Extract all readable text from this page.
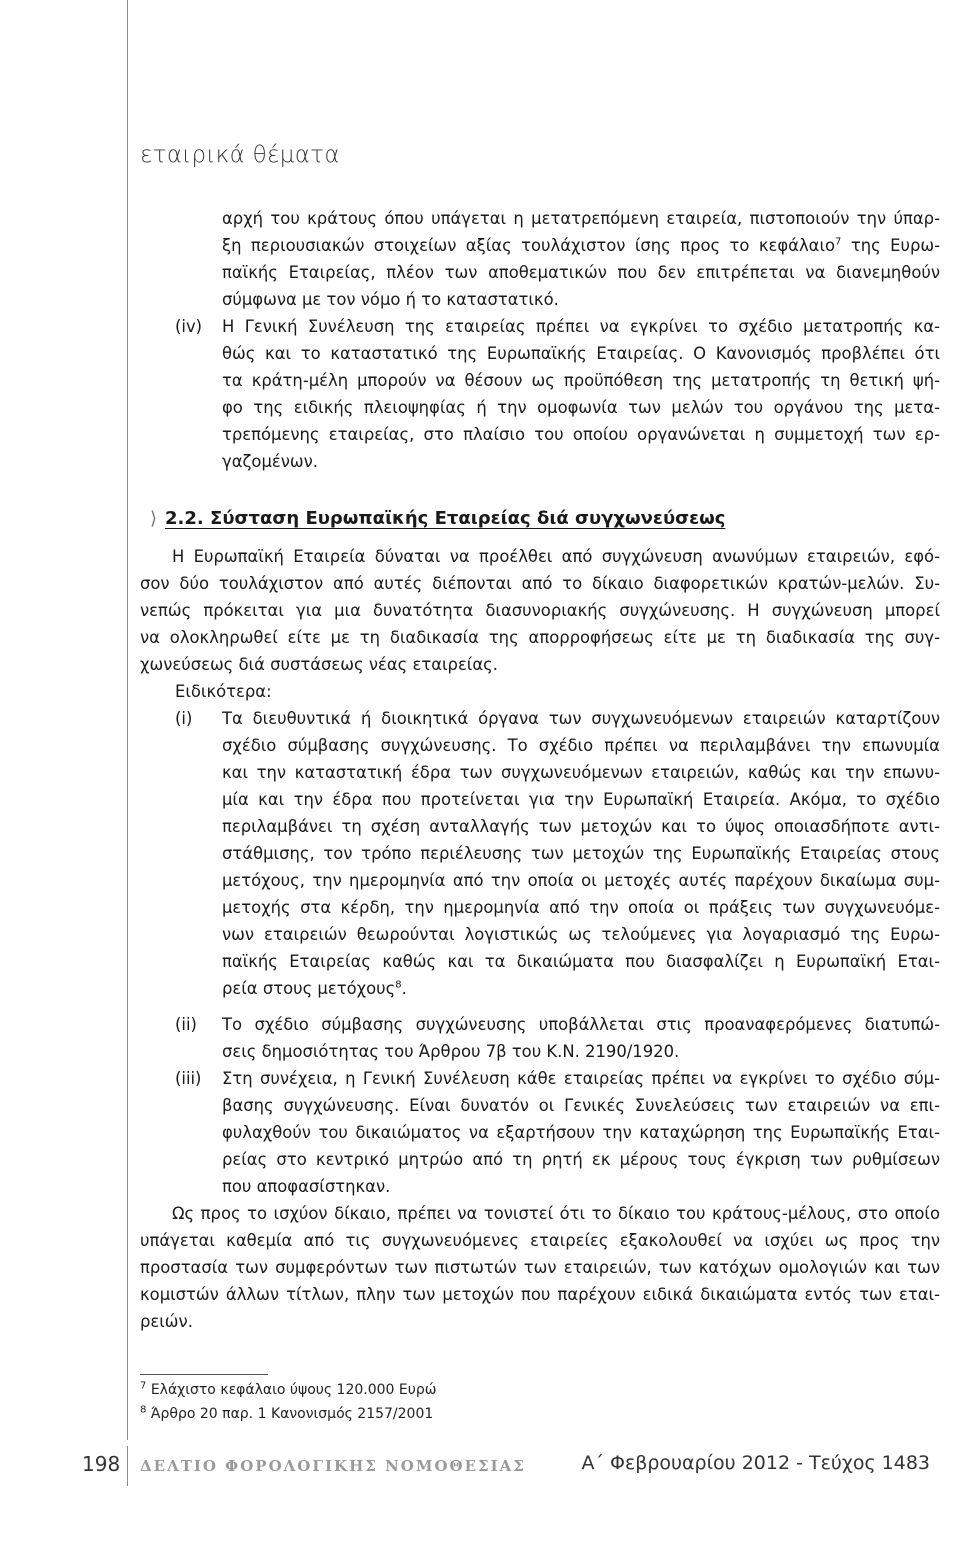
εταιρικά θέματα
αρχή του κράτους όπου υπάγεται η μετατρεπόμενη εταιρεία, πιστοποιούν την ύπαρ-
ξη περιουσιακών στοιχείων αξίας τουλάχιστον ίσης προς το κεφάλαιο$^7$ της Ευρω-
παϊκής Εταιρείας, πλέον των αποθεματικών που δεν επιτρέπεται να διανεμηθούν
σύμφωνα με τον νόμο ή το καταστατικό.
(iv) Η Γενική Συνέλευση της εταιρείας πρέπει να εγκρίνει το σχέδιο μετατροπής κα-
θώς και το καταστατικό της Ευρωπαϊκής Εταιρείας. Ο Κανονισμός προβλέπει ότι
τα κράτη-μέλη μπορούν να θέσουν ως προϋπόθεση της μετατροπής τη θετική ψή-
φο της ειδικής πλειοψηφίας ή την ομοφωνία των μελών του οργάνου της μετα-
τρεπόμενης εταιρείας, στο πλαίσιο του οποίου οργανώνεται η συμμετοχή των ερ-
γαζομένων.
⟩ 2.2. Σύσταση Ευρωπαϊκής Εταιρείας διά συγχωνεύσεως
Η Ευρωπαϊκή Εταιρεία δύναται να προέλθει από συγχώνευση ανωνύμων εταιρειών, εφό-
σον δύο τουλάχιστον από αυτές διέπονται από το δίκαιο διαφορετικών κρατών-μελών. Συ-
νεπώς πρόκειται για μια δυνατότητα διασυνοριακής συγχώνευσης. Η συγχώνευση μπορεί
να ολοκληρωθεί είτε με τη διαδικασία της απορροφήσεως είτε με τη διαδικασία της συγ-
χωνεύσεως διά συστάσεως νέας εταιρείας.
Ειδικότερα:
(i) Τα διευθυντικά ή διοικητικά όργανα των συγχωνευόμενων εταιρειών καταρτίζουν
σχέδιο σύμβασης συγχώνευσης. Το σχέδιο πρέπει να περιλαμβάνει την επωνυμία
και την καταστατική έδρα των συγχωνευόμενων εταιρειών, καθώς και την επωνυ-
μία και την έδρα που προτείνεται για την Ευρωπαϊκή Εταιρεία. Ακόμα, το σχέδιο
περιλαμβάνει τη σχέση ανταλλαγής των μετοχών και το ύψος οποιασδήποτε αντι-
στάθμισης, τον τρόπο περιέλευσης των μετοχών της Ευρωπαϊκής Εταιρείας στους
μετόχους, την ημερομηνία από την οποία οι μετοχές αυτές παρέχουν δικαίωμα συμ-
μετοχής στα κέρδη, την ημερομηνία από την οποία οι πράξεις των συγχωνευόμε-
νων εταιρειών θεωρούνται λογιστικώς ως τελούμενες για λογαριασμό της Ευρω-
παϊκής Εταιρείας καθώς και τα δικαιώματα που διασφαλίζει η Ευρωπαϊκή Εται-
ρεία στους μετόχους$^8$.
(ii) Το σχέδιο σύμβασης συγχώνευσης υποβάλλεται στις προαναφερόμενες διατυπώ-
σεις δημοσιότητας του Άρθρου 7β του Κ.Ν. 2190/1920.
(iii) Στη συνέχεια, η Γενική Συνέλευση κάθε εταιρείας πρέπει να εγκρίνει το σχέδιο σύμ-
βασης συγχώνευσης. Είναι δυνατόν οι Γενικές Συνελεύσεις των εταιρειών να επι-
φυλαχθούν του δικαιώματος να εξαρτήσουν την καταχώρηση της Ευρωπαϊκής Εται-
ρείας στο κεντρικό μητρώο από τη ρητή εκ μέρους τους έγκριση των ρυθμίσεων
που αποφασίστηκαν.
Ως προς το ισχύον δίκαιο, πρέπει να τονιστεί ότι το δίκαιο του κράτους-μέλους, στο οποίο
υπάγεται καθεμία από τις συγχωνευόμενες εταιρείες εξακολουθεί να ισχύει ως προς την
προστασία των συμφερόντων των πιστωτών των εταιρειών, των κατόχων ομολογιών και των
κομιστών άλλων τίτλων, πλην των μετοχών που παρέχουν ειδικά δικαιώματα εντός των εται-
ρειών.
$^7$ Ελάχιστο κεφάλαιο ύψους 120.000 Ευρώ
$^8$ Άρθρο 20 παρ. 1 Κανονισμός 2157/2001
198 ΔΕΛΤΙΟ ΦΟΡΟΛΟΓΙΚΗΣ ΝΟΜΟΘΕΣΙΑΣ	Α΄ Φεβρουαρίου 2012 - Τεύχος 1483
